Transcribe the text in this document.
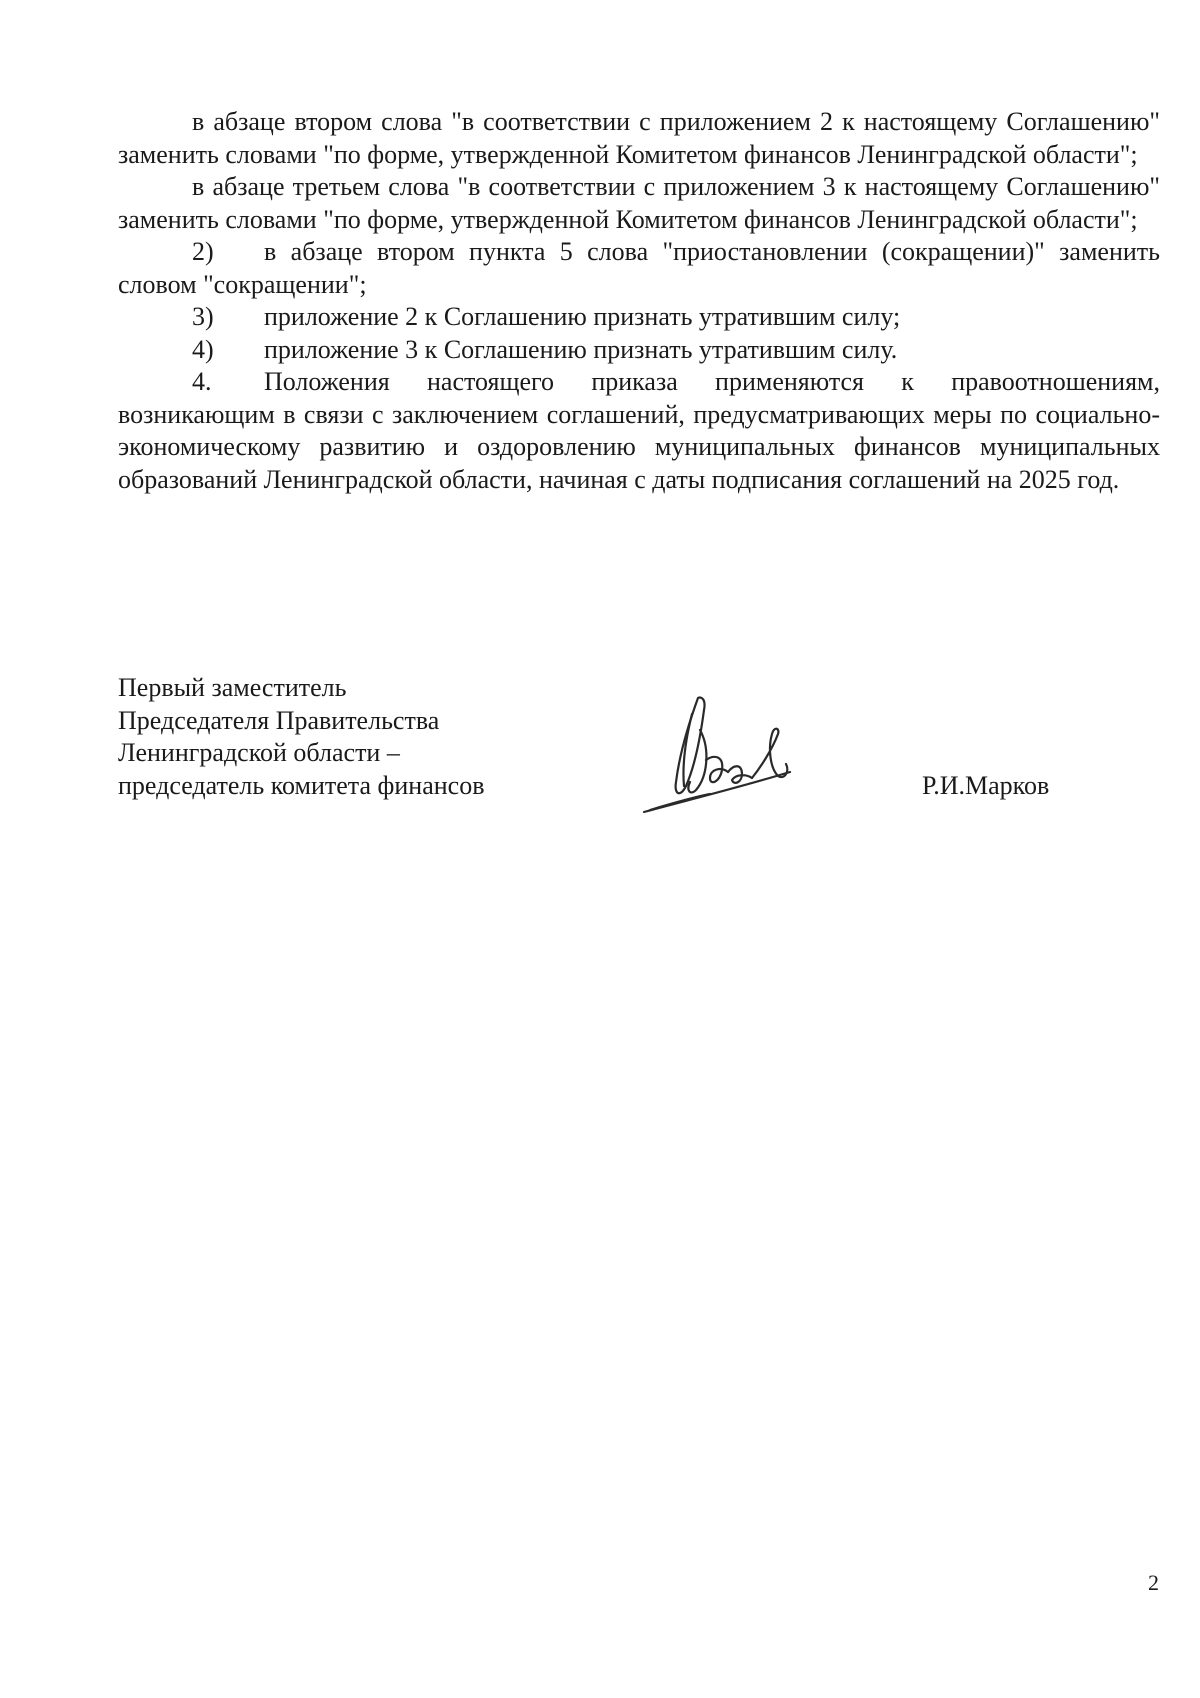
в абзаце втором слова "в соответствии с приложением 2 к настоящему Соглашению" заменить словами "по форме, утвержденной Комитетом финансов Ленинградской области";

в абзаце третьем слова "в соответствии с приложением 3 к настоящему Соглашению" заменить словами "по форме, утвержденной Комитетом финансов Ленинградской области";

2) в абзаце втором пункта 5 слова "приостановлении (сокращении)" заменить словом "сокращении";

3) приложение 2 к Соглашению признать утратившим силу;

4) приложение 3 к Соглашению признать утратившим силу.

4. Положения настоящего приказа применяются к правоотношениям, возникающим в связи с заключением соглашений, предусматривающих меры по социально-экономическому развитию и оздоровлению муниципальных финансов муниципальных образований Ленинградской области, начиная с даты подписания соглашений на 2025 год.

Первый заместитель
Председателя Правительства
Ленинградской области –
председатель комитета финансов	Р.И.Марков
2
